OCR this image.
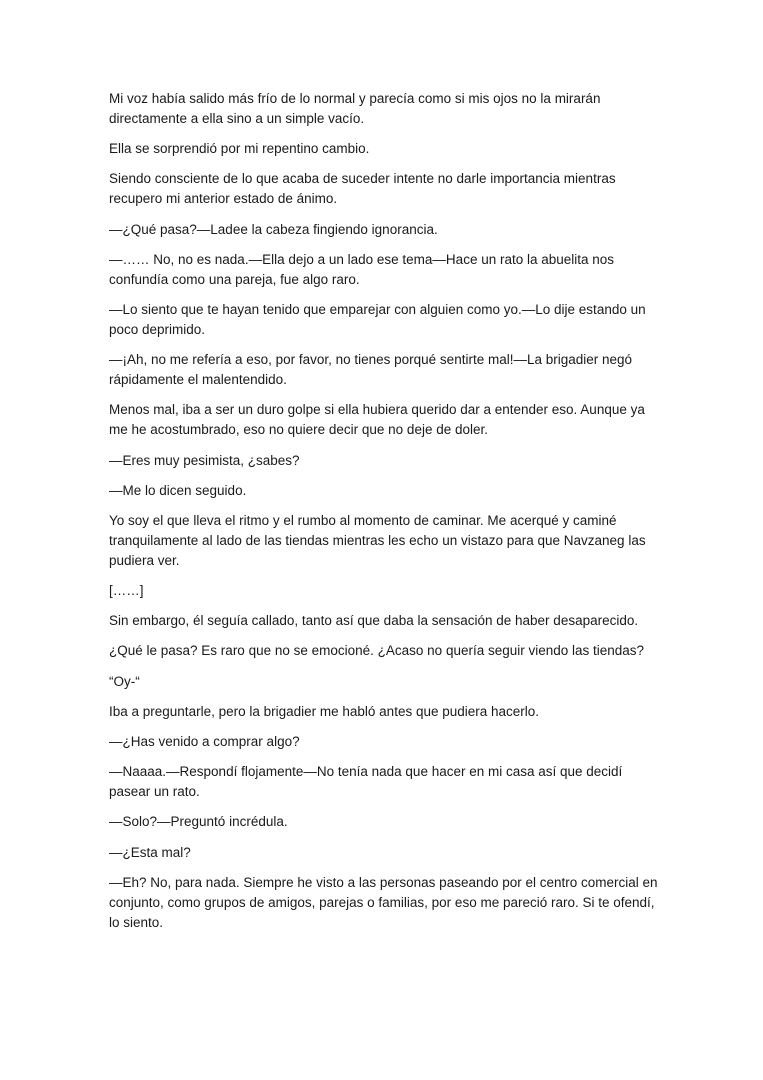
Mi voz había salido más frío de lo normal y parecía como si mis ojos no la mirarán directamente a ella sino a un simple vacío.

Ella se sorprendió por mi repentino cambio.

Siendo consciente de lo que acaba de suceder intente no darle importancia mientras recupero mi anterior estado de ánimo.

—¿Qué pasa?—Ladee la cabeza fingiendo ignorancia.

—…… No, no es nada.—Ella dejo a un lado ese tema—Hace un rato la abuelita nos confundía como una pareja, fue algo raro.

—Lo siento que te hayan tenido que emparejar con alguien como yo.—Lo dije estando un poco deprimido.

—¡Ah, no me refería a eso, por favor, no tienes porqué sentirte mal!—La brigadier negó rápidamente el malentendido.

Menos mal, iba a ser un duro golpe si ella hubiera querido dar a entender eso. Aunque ya me he acostumbrado, eso no quiere decir que no deje de doler.

—Eres muy pesimista, ¿sabes?

—Me lo dicen seguido.

Yo soy el que lleva el ritmo y el rumbo al momento de caminar. Me acerqué y caminé tranquilamente al lado de las tiendas mientras les echo un vistazo para que Navzaneg las pudiera ver.

[……]

Sin embargo, él seguía callado, tanto así que daba la sensación de haber desaparecido.

¿Qué le pasa? Es raro que no se emocioné. ¿Acaso no quería seguir viendo las tiendas?

“Oy-“

Iba a preguntarle, pero la brigadier me habló antes que pudiera hacerlo.

—¿Has venido a comprar algo?

—Naaaa.—Respondí flojamente—No tenía nada que hacer en mi casa así que decidí pasear un rato.

—Solo?—Preguntó incrédula.

—¿Esta mal?

—Eh? No, para nada. Siempre he visto a las personas paseando por el centro comercial en conjunto, como grupos de amigos, parejas o familias, por eso me pareció raro. Si te ofendí, lo siento.
